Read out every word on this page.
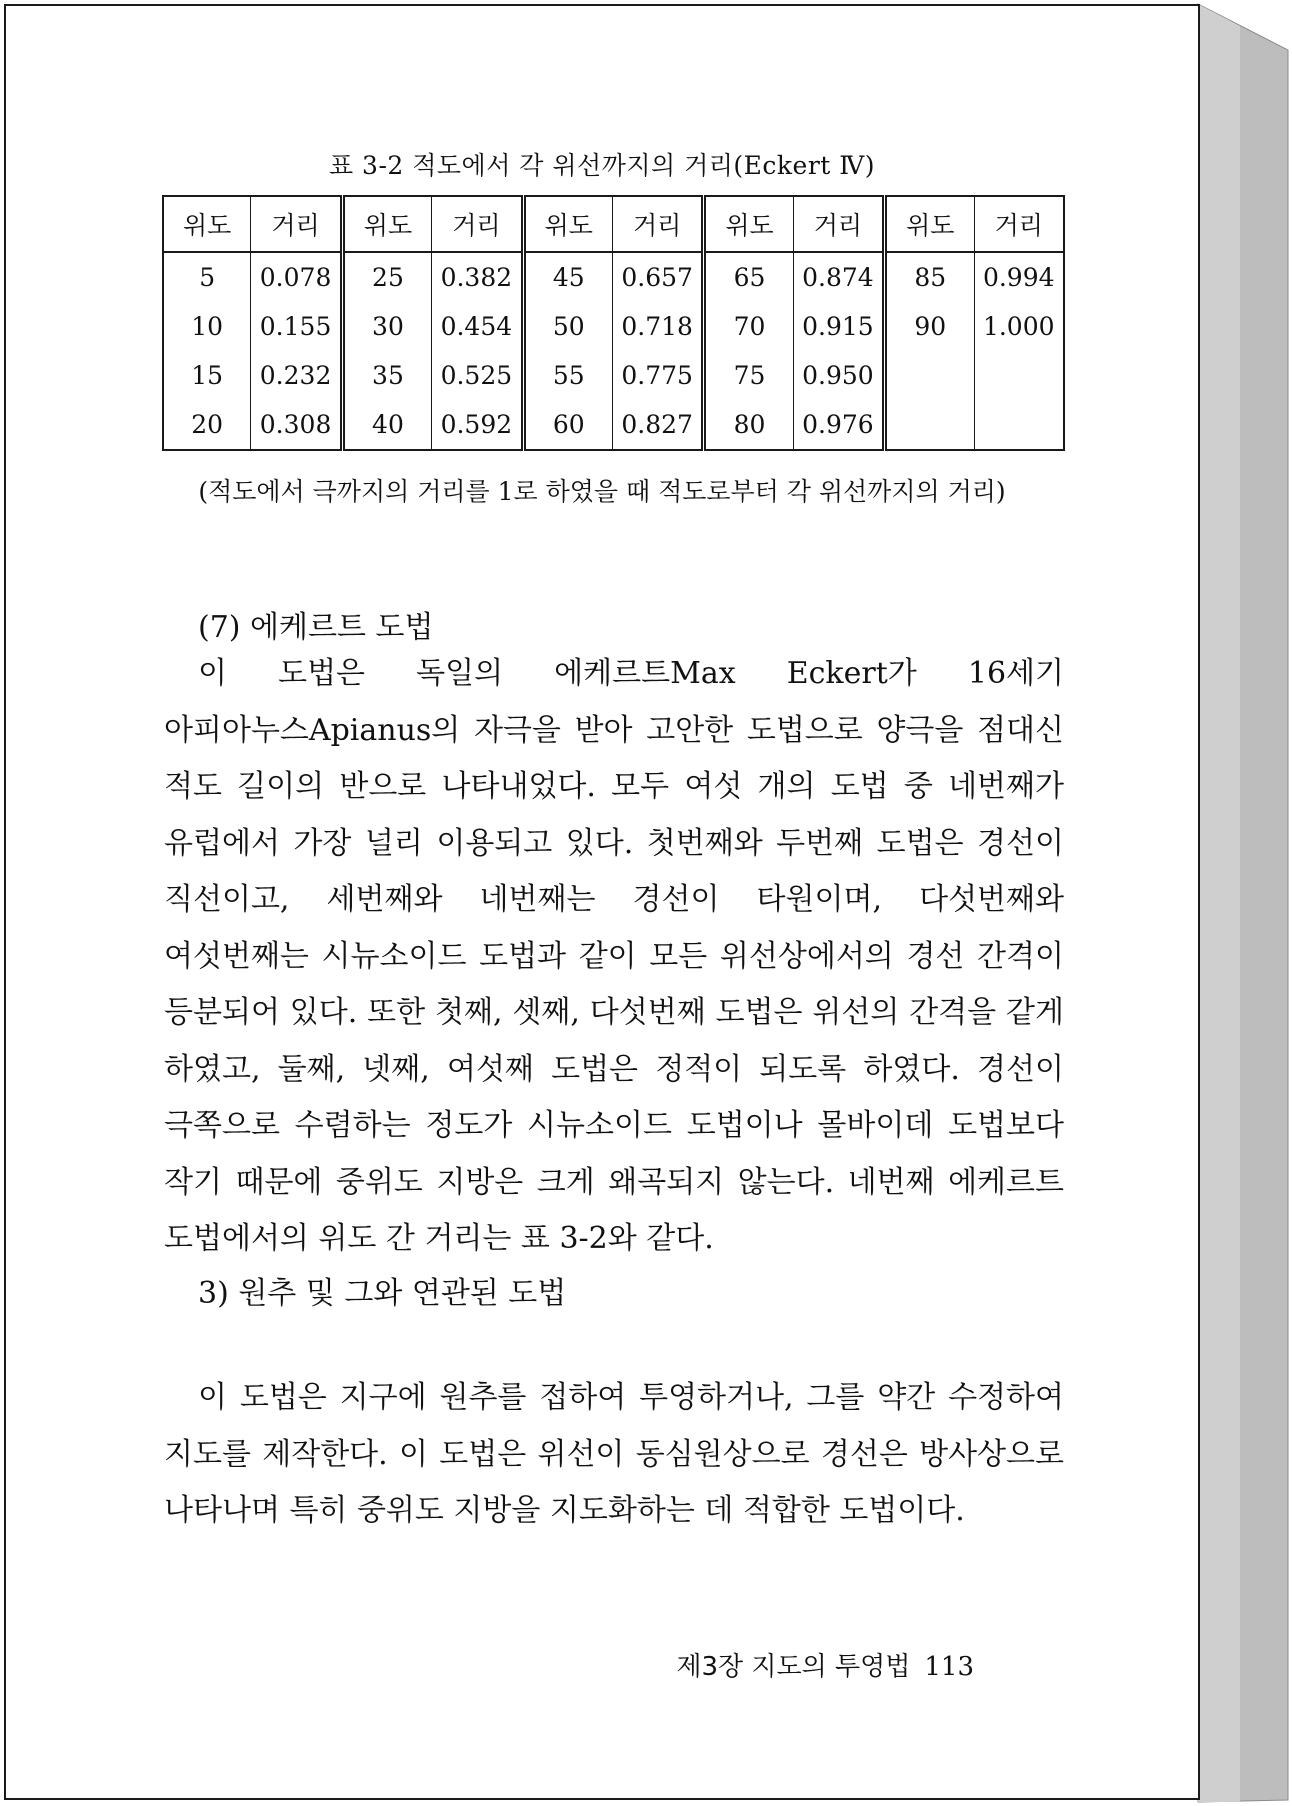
표 3-2 적도에서 각 위선까지의 거리(Eckert Ⅳ)
위도	거리	위도	거리	위도	거리	위도	거리	위도	거리
5	0.078	25	0.382	45	0.657	65	0.874	85	0.994
10	0.155	30	0.454	50	0.718	70	0.915	90	1.000
15	0.232	35	0.525	55	0.775	75	0.950		
20	0.308	40	0.592	60	0.827	80	0.976		
(적도에서 극까지의 거리를 1로 하였을 때 적도로부터 각 위선까지의 거리)
(7) 에케르트 도법

이 도법은 독일의 에케르트Max Eckert가 16세기 아피아누스Apianus의 자극을 받아 고안한 도법으로 양극을 점대신 적도 길이의 반으로 나타내었다. 모두 여섯 개의 도법 중 네번째가 유럽에서 가장 널리 이용되고 있다. 첫번째와 두번째 도법은 경선이 직선이고, 세번째와 네번째는 경선이 타원이며, 다섯번째와 여섯번째는 시뉴소이드 도법과 같이 모든 위선상에서의 경선 간격이 등분되어 있다. 또한 첫째, 셋째, 다섯번째 도법은 위선의 간격을 같게 하였고, 둘째, 넷째, 여섯째 도법은 정적이 되도록 하였다. 경선이 극쪽으로 수렴하는 정도가 시뉴소이드 도법이나 몰바이데 도법보다 작기 때문에 중위도 지방은 크게 왜곡되지 않는다. 네번째 에케르트 도법에서의 위도 간 거리는 표 3-2와 같다.

3) 원추 및 그와 연관된 도법

이 도법은 지구에 원추를 접하여 투영하거나, 그를 약간 수정하여 지도를 제작한다. 이 도법은 위선이 동심원상으로 경선은 방사상으로 나타나며 특히 중위도 지방을 지도화하는 데 적합한 도법이다.

제3장 지도의 투영법 113
